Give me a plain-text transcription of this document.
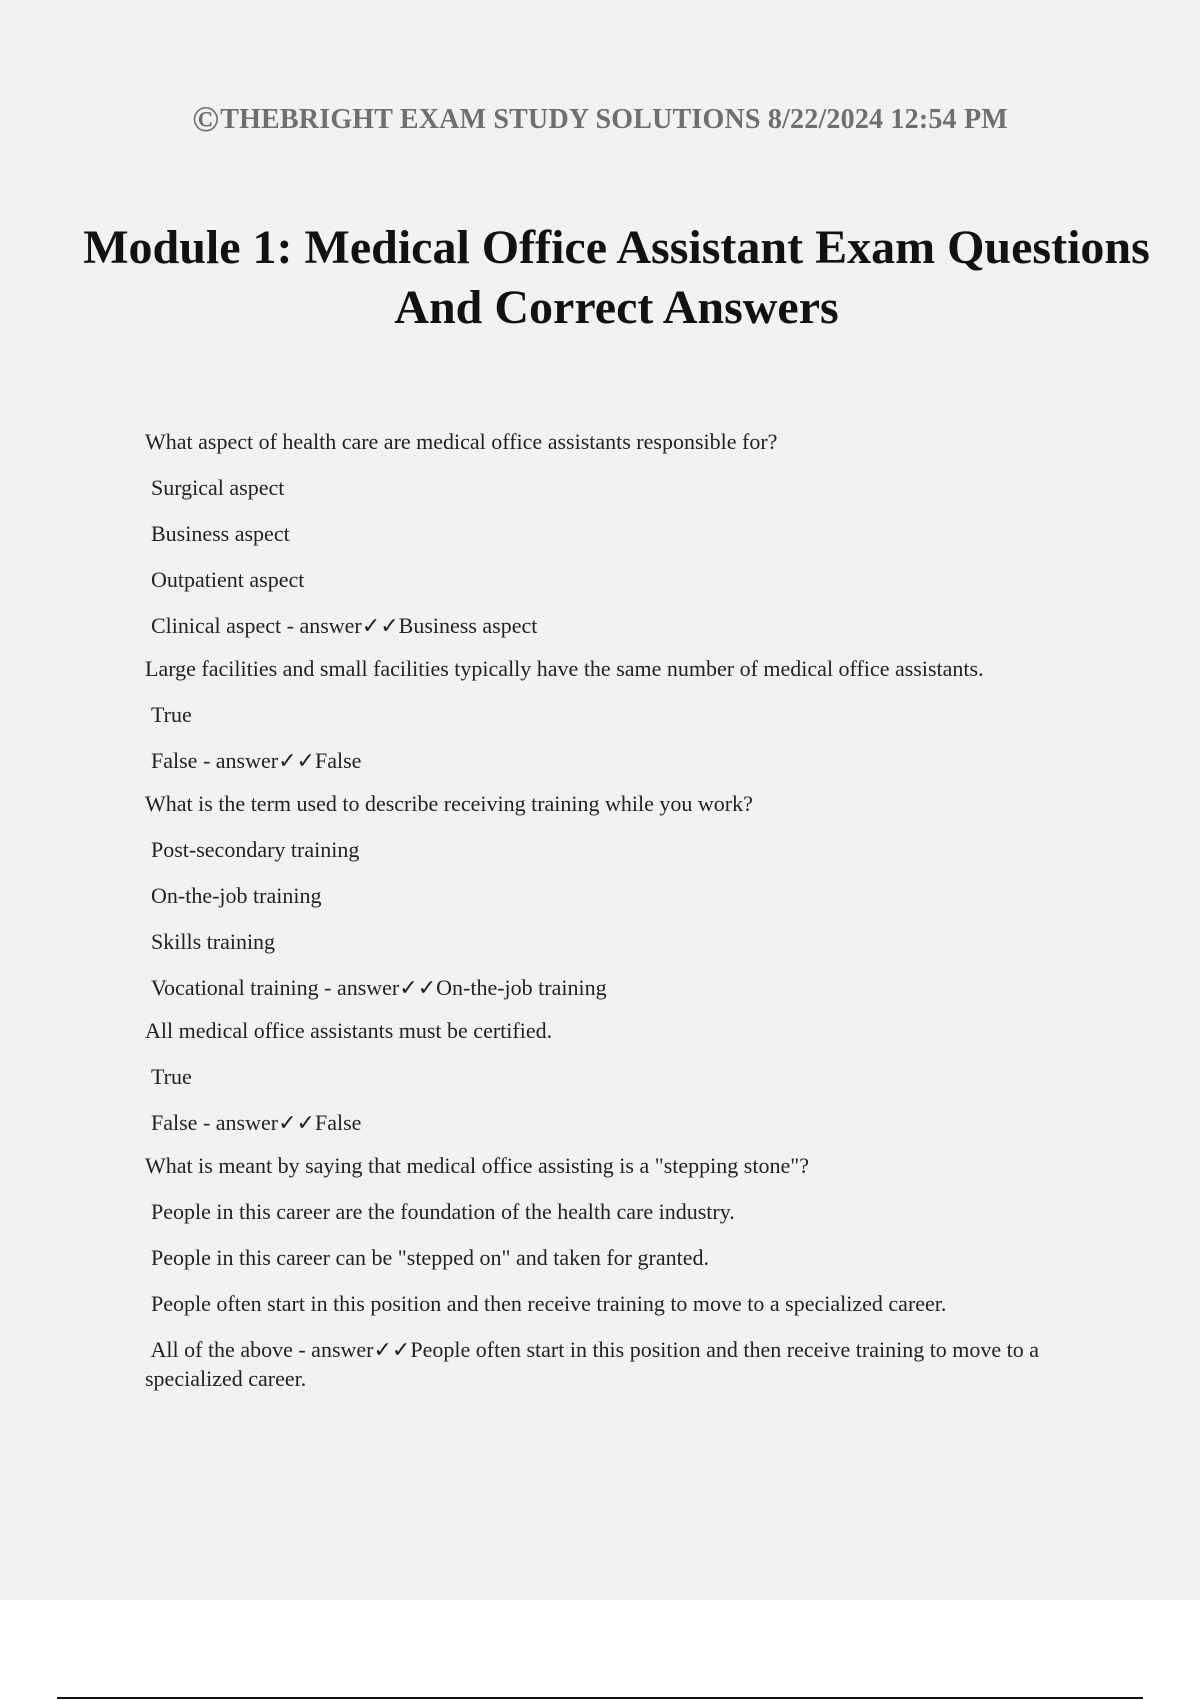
©THEBRIGHT EXAM STUDY SOLUTIONS 8/22/2024 12:54 PM
Module 1: Medical Office Assistant Exam Questions And Correct Answers
What aspect of health care are medical office assistants responsible for?
Surgical aspect
Business aspect
Outpatient aspect
Clinical aspect - answer✓✓Business aspect
Large facilities and small facilities typically have the same number of medical office assistants.
True
False - answer✓✓False
What is the term used to describe receiving training while you work?
Post-secondary training
On-the-job training
Skills training
Vocational training - answer✓✓On-the-job training
All medical office assistants must be certified.
True
False - answer✓✓False
What is meant by saying that medical office assisting is a "stepping stone"?
People in this career are the foundation of the health care industry.
People in this career can be "stepped on" and taken for granted.
People often start in this position and then receive training to move to a specialized career.
All of the above - answer✓✓People often start in this position and then receive training to move to a specialized career.
